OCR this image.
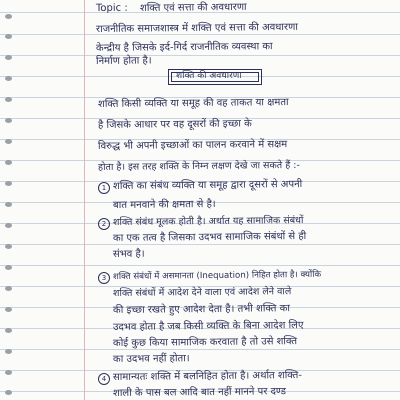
Topic : शक्ति एवं सत्ता की अवधारणा
राजनीतिक समाजशास्त्र में शक्ति एवं सत्ता की अवधारणा
केन्द्रीय है जिसके इर्द-गिर्द राजनीतिक व्यवस्था का
निर्माण होता है।
शक्ति की अवधारणा
शक्ति किसी व्यक्ति या समूह की वह ताकत या क्षमता
है जिसके आधार पर वह दूसरों की इच्छा के
विरुद्ध भी अपनी इच्छाओं का पालन करवाने में सक्षम
होता है। इस तरह शक्ति के निम्न लक्षण देखे जा सकते हैं :-
1 शक्ति का संबंध व्यक्ति या समूह द्वारा दूसरों से अपनी
बात मनवाने की क्षमता से है।
2 शक्ति संबंध मूलक होती है। अर्थात यह सामाजिक संबंधों
का एक तत्व है जिसका उदभव सामाजिक संबंधों से ही
संभव है।
3 शक्ति संबंधों में असमानता (Inequation) निहित होता है। क्योंकि
शक्ति संबंधों में आदेश देने वाला एवं आदेश लेने वाले
की इच्छा रखते हुए आदेश देता है। तभी शक्ति का
उदभव होता है जब किसी व्यक्ति के बिना आदेश लिए
कोई कुछ किया सामाजिक करवाता है तो उसे शक्ति
का उदभव नहीं होता।
4 सामान्यतः शक्ति में बलनिहित होता है। अर्थात शक्ति-
शाली के पास बल आदि बात नहीं मानने पर दण्ड
